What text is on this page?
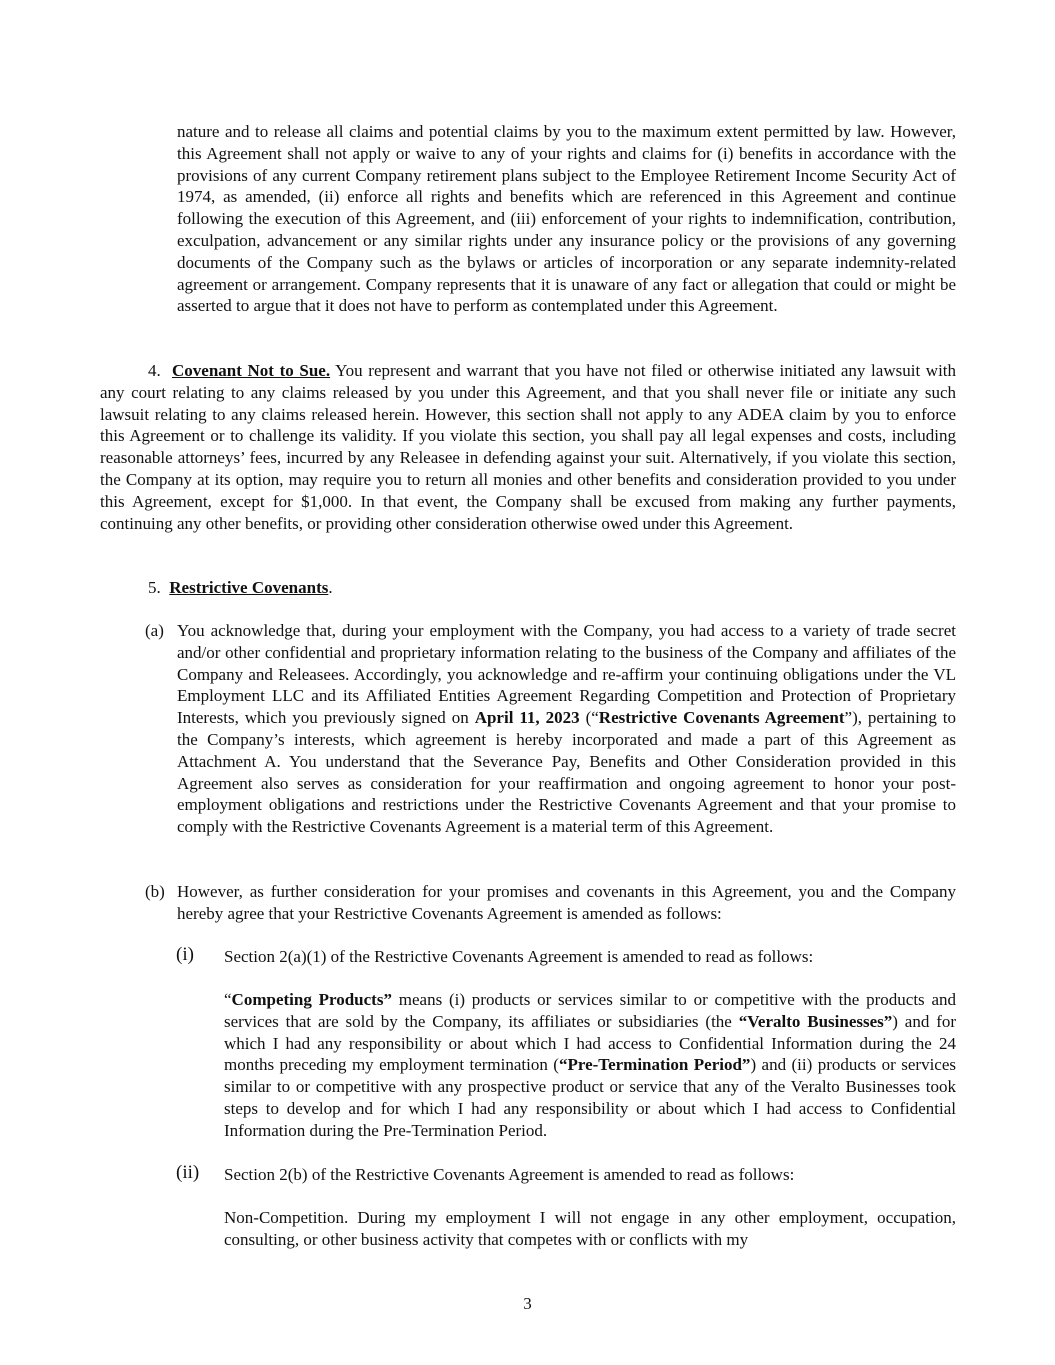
nature and to release all claims and potential claims by you to the maximum extent permitted by law. However, this Agreement shall not apply or waive to any of your rights and claims for (i) benefits in accordance with the provisions of any current Company retirement plans subject to the Employee Retirement Income Security Act of 1974, as amended, (ii) enforce all rights and benefits which are referenced in this Agreement and continue following the execution of this Agreement, and (iii) enforcement of your rights to indemnification, contribution, exculpation, advancement or any similar rights under any insurance policy or the provisions of any governing documents of the Company such as the bylaws or articles of incorporation or any separate indemnity-related agreement or arrangement. Company represents that it is unaware of any fact or allegation that could or might be asserted to argue that it does not have to perform as contemplated under this Agreement.

4. Covenant Not to Sue. You represent and warrant that you have not filed or otherwise initiated any lawsuit with any court relating to any claims released by you under this Agreement, and that you shall never file or initiate any such lawsuit relating to any claims released herein. However, this section shall not apply to any ADEA claim by you to enforce this Agreement or to challenge its validity. If you violate this section, you shall pay all legal expenses and costs, including reasonable attorneys’ fees, incurred by any Releasee in defending against your suit. Alternatively, if you violate this section, the Company at its option, may require you to return all monies and other benefits and consideration provided to you under this Agreement, except for $1,000. In that event, the Company shall be excused from making any further payments, continuing any other benefits, or providing other consideration otherwise owed under this Agreement.

5. Restrictive Covenants.

(a) You acknowledge that, during your employment with the Company, you had access to a variety of trade secret and/or other confidential and proprietary information relating to the business of the Company and affiliates of the Company and Releasees. Accordingly, you acknowledge and re-affirm your continuing obligations under the VL Employment LLC and its Affiliated Entities Agreement Regarding Competition and Protection of Proprietary Interests, which you previously signed on April 11, 2023 (“Restrictive Covenants Agreement”), pertaining to the Company’s interests, which agreement is hereby incorporated and made a part of this Agreement as Attachment A. You understand that the Severance Pay, Benefits and Other Consideration provided in this Agreement also serves as consideration for your reaffirmation and ongoing agreement to honor your post-employment obligations and restrictions under the Restrictive Covenants Agreement and that your promise to comply with the Restrictive Covenants Agreement is a material term of this Agreement.

(b) However, as further consideration for your promises and covenants in this Agreement, you and the Company hereby agree that your Restrictive Covenants Agreement is amended as follows:

(i) Section 2(a)(1) of the Restrictive Covenants Agreement is amended to read as follows:

“Competing Products” means (i) products or services similar to or competitive with the products and services that are sold by the Company, its affiliates or subsidiaries (the “Veralto Businesses”) and for which I had any responsibility or about which I had access to Confidential Information during the 24 months preceding my employment termination (“Pre-Termination Period”) and (ii) products or services similar to or competitive with any prospective product or service that any of the Veralto Businesses took steps to develop and for which I had any responsibility or about which I had access to Confidential Information during the Pre-Termination Period.

(ii) Section 2(b) of the Restrictive Covenants Agreement is amended to read as follows:

Non-Competition. During my employment I will not engage in any other employment, occupation, consulting, or other business activity that competes with or conflicts with my

3
